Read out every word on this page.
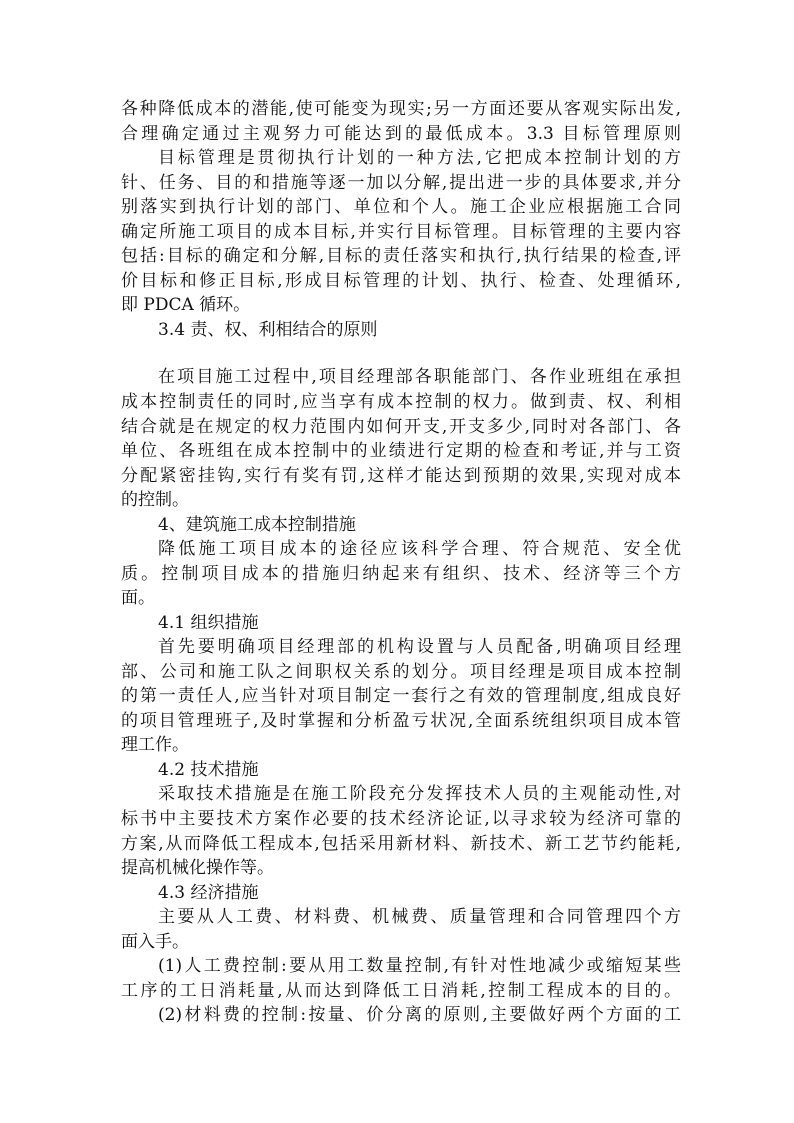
各种降低成本的潜能,使可能变为现实;另一方面还要从客观实际出发,
合理确定通过主观努力可能达到的最低成本。3.3 目标管理原则
目标管理是贯彻执行计划的一种方法,它把成本控制计划的方
针、任务、目的和措施等逐一加以分解,提出进一步的具体要求,并分
别落实到执行计划的部门、单位和个人。施工企业应根据施工合同
确定所施工项目的成本目标,并实行目标管理。目标管理的主要内容
包括:目标的确定和分解,目标的责任落实和执行,执行结果的检查,评
价目标和修正目标,形成目标管理的计划、执行、检查、处理循环,
即 PDCA 循环。
3.4 责、权、利相结合的原则
在项目施工过程中,项目经理部各职能部门、各作业班组在承担
成本控制责任的同时,应当享有成本控制的权力。做到责、权、利相
结合就是在规定的权力范围内如何开支,开支多少,同时对各部门、各
单位、各班组在成本控制中的业绩进行定期的检查和考证,并与工资
分配紧密挂钩,实行有奖有罚,这样才能达到预期的效果,实现对成本
的控制。
4、建筑施工成本控制措施
降低施工项目成本的途径应该科学合理、符合规范、安全优
质。控制项目成本的措施归纳起来有组织、技术、经济等三个方
面。
4.1 组织措施
首先要明确项目经理部的机构设置与人员配备,明确项目经理
部、公司和施工队之间职权关系的划分。项目经理是项目成本控制
的第一责任人,应当针对项目制定一套行之有效的管理制度,组成良好
的项目管理班子,及时掌握和分析盈亏状况,全面系统组织项目成本管
理工作。
4.2 技术措施
采取技术措施是在施工阶段充分发挥技术人员的主观能动性,对
标书中主要技术方案作必要的技术经济论证,以寻求较为经济可靠的
方案,从而降低工程成本,包括采用新材料、新技术、新工艺节约能耗,
提高机械化操作等。
4.3 经济措施
主要从人工费、材料费、机械费、质量管理和合同管理四个方
面入手。
(1)人工费控制:要从用工数量控制,有针对性地减少或缩短某些
工序的工日消耗量,从而达到降低工日消耗,控制工程成本的目的。
(2)材料费的控制:按量、价分离的原则,主要做好两个方面的工
